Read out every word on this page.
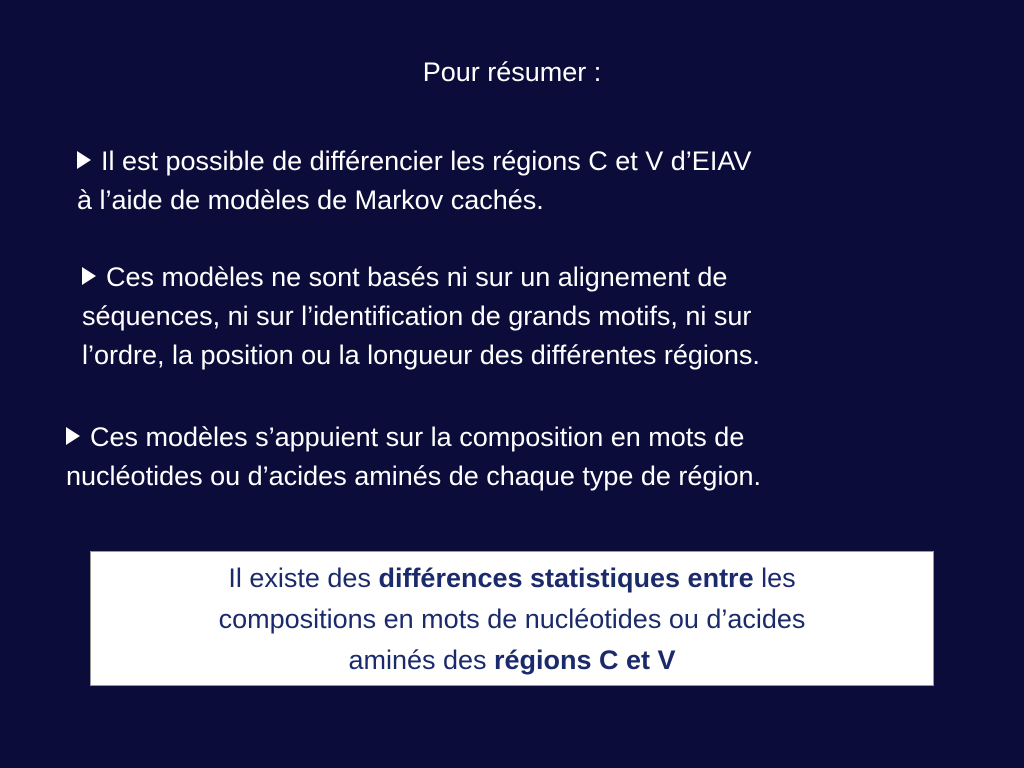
Pour résumer :
Il est possible de différencier les régions C et V d’EIAV
à l’aide de modèles de Markov cachés.
Ces modèles ne sont basés ni sur un alignement de
séquences, ni sur l’identification de grands motifs, ni sur
l’ordre, la position ou la longueur des différentes régions.
Ces modèles s’appuient sur la composition en mots de
nucléotides ou d’acides aminés de chaque type de région.
Il existe des différences statistiques entre les
compositions en mots de nucléotides ou d’acides
aminés des régions C et V
